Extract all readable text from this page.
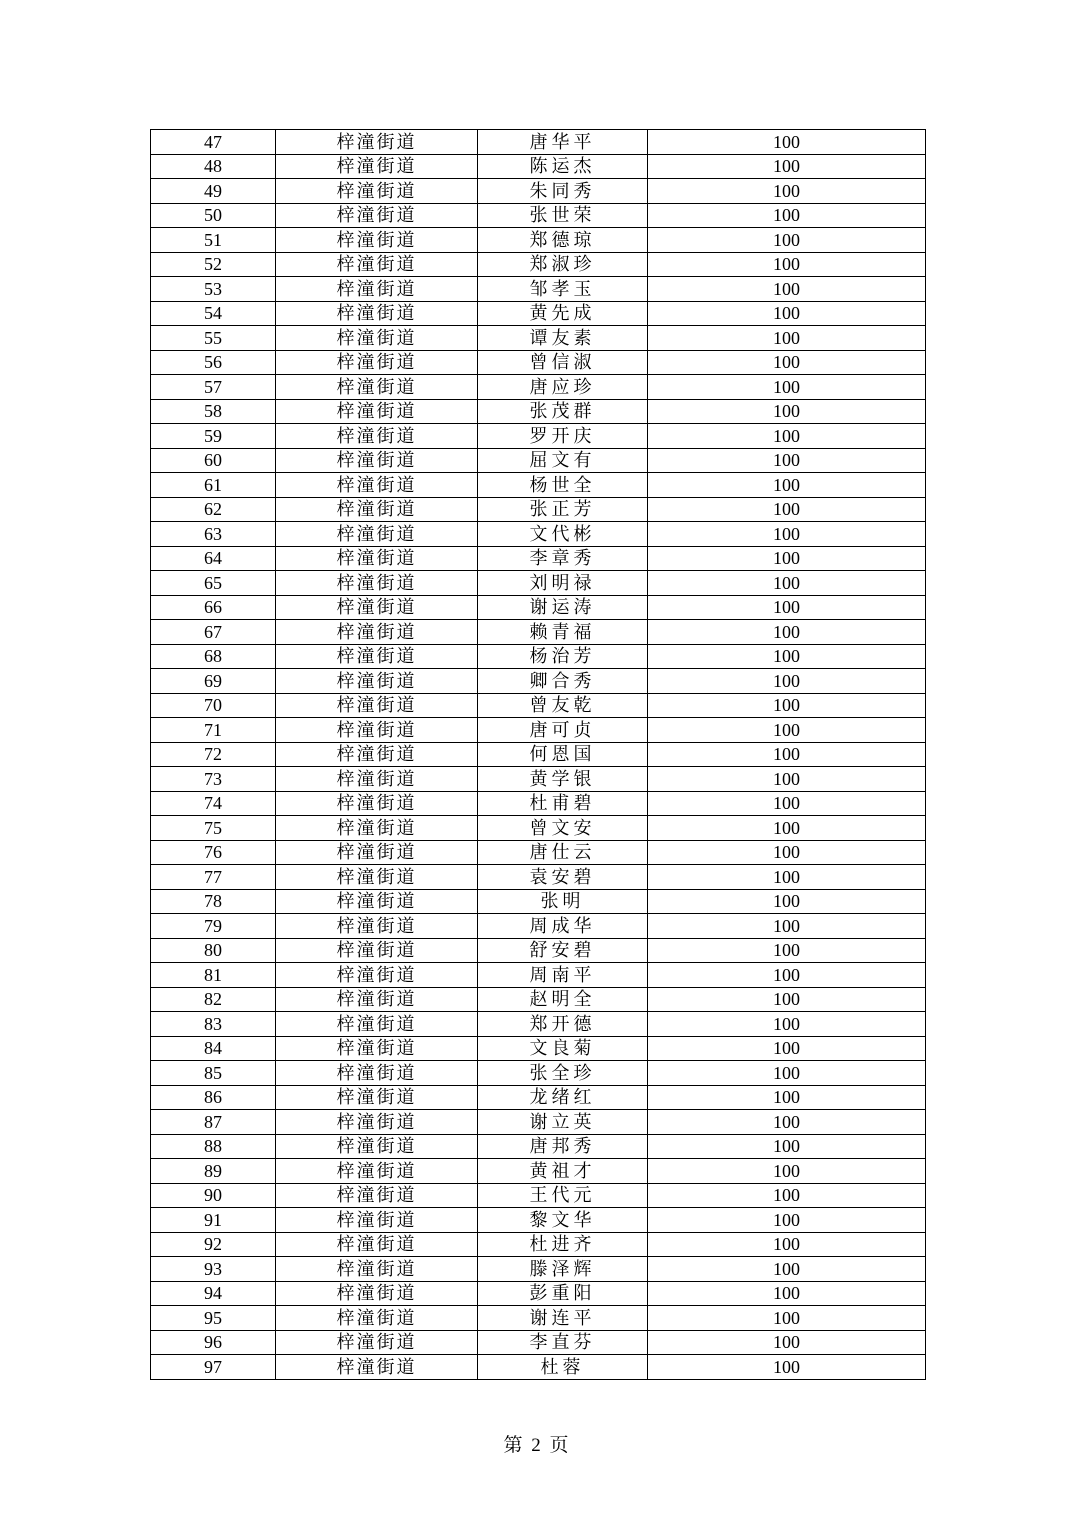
47	梓潼街道	唐华平	100
48	梓潼街道	陈运杰	100
49	梓潼街道	朱同秀	100
50	梓潼街道	张世荣	100
51	梓潼街道	郑德琼	100
52	梓潼街道	郑淑珍	100
53	梓潼街道	邹孝玉	100
54	梓潼街道	黄先成	100
55	梓潼街道	谭友素	100
56	梓潼街道	曾信淑	100
57	梓潼街道	唐应珍	100
58	梓潼街道	张茂群	100
59	梓潼街道	罗开庆	100
60	梓潼街道	屈文有	100
61	梓潼街道	杨世全	100
62	梓潼街道	张正芳	100
63	梓潼街道	文代彬	100
64	梓潼街道	李章秀	100
65	梓潼街道	刘明禄	100
66	梓潼街道	谢运涛	100
67	梓潼街道	赖青福	100
68	梓潼街道	杨治芳	100
69	梓潼街道	卿合秀	100
70	梓潼街道	曾友乾	100
71	梓潼街道	唐可贞	100
72	梓潼街道	何恩国	100
73	梓潼街道	黄学银	100
74	梓潼街道	杜甫碧	100
75	梓潼街道	曾文安	100
76	梓潼街道	唐仕云	100
77	梓潼街道	袁安碧	100
78	梓潼街道	张明	100
79	梓潼街道	周成华	100
80	梓潼街道	舒安碧	100
81	梓潼街道	周南平	100
82	梓潼街道	赵明全	100
83	梓潼街道	郑开德	100
84	梓潼街道	文良菊	100
85	梓潼街道	张全珍	100
86	梓潼街道	龙绪红	100
87	梓潼街道	谢立英	100
88	梓潼街道	唐邦秀	100
89	梓潼街道	黄祖才	100
90	梓潼街道	王代元	100
91	梓潼街道	黎文华	100
92	梓潼街道	杜进齐	100
93	梓潼街道	滕泽辉	100
94	梓潼街道	彭重阳	100
95	梓潼街道	谢连平	100
96	梓潼街道	李直芬	100
97	梓潼街道	杜蓉	100
第 2 页
